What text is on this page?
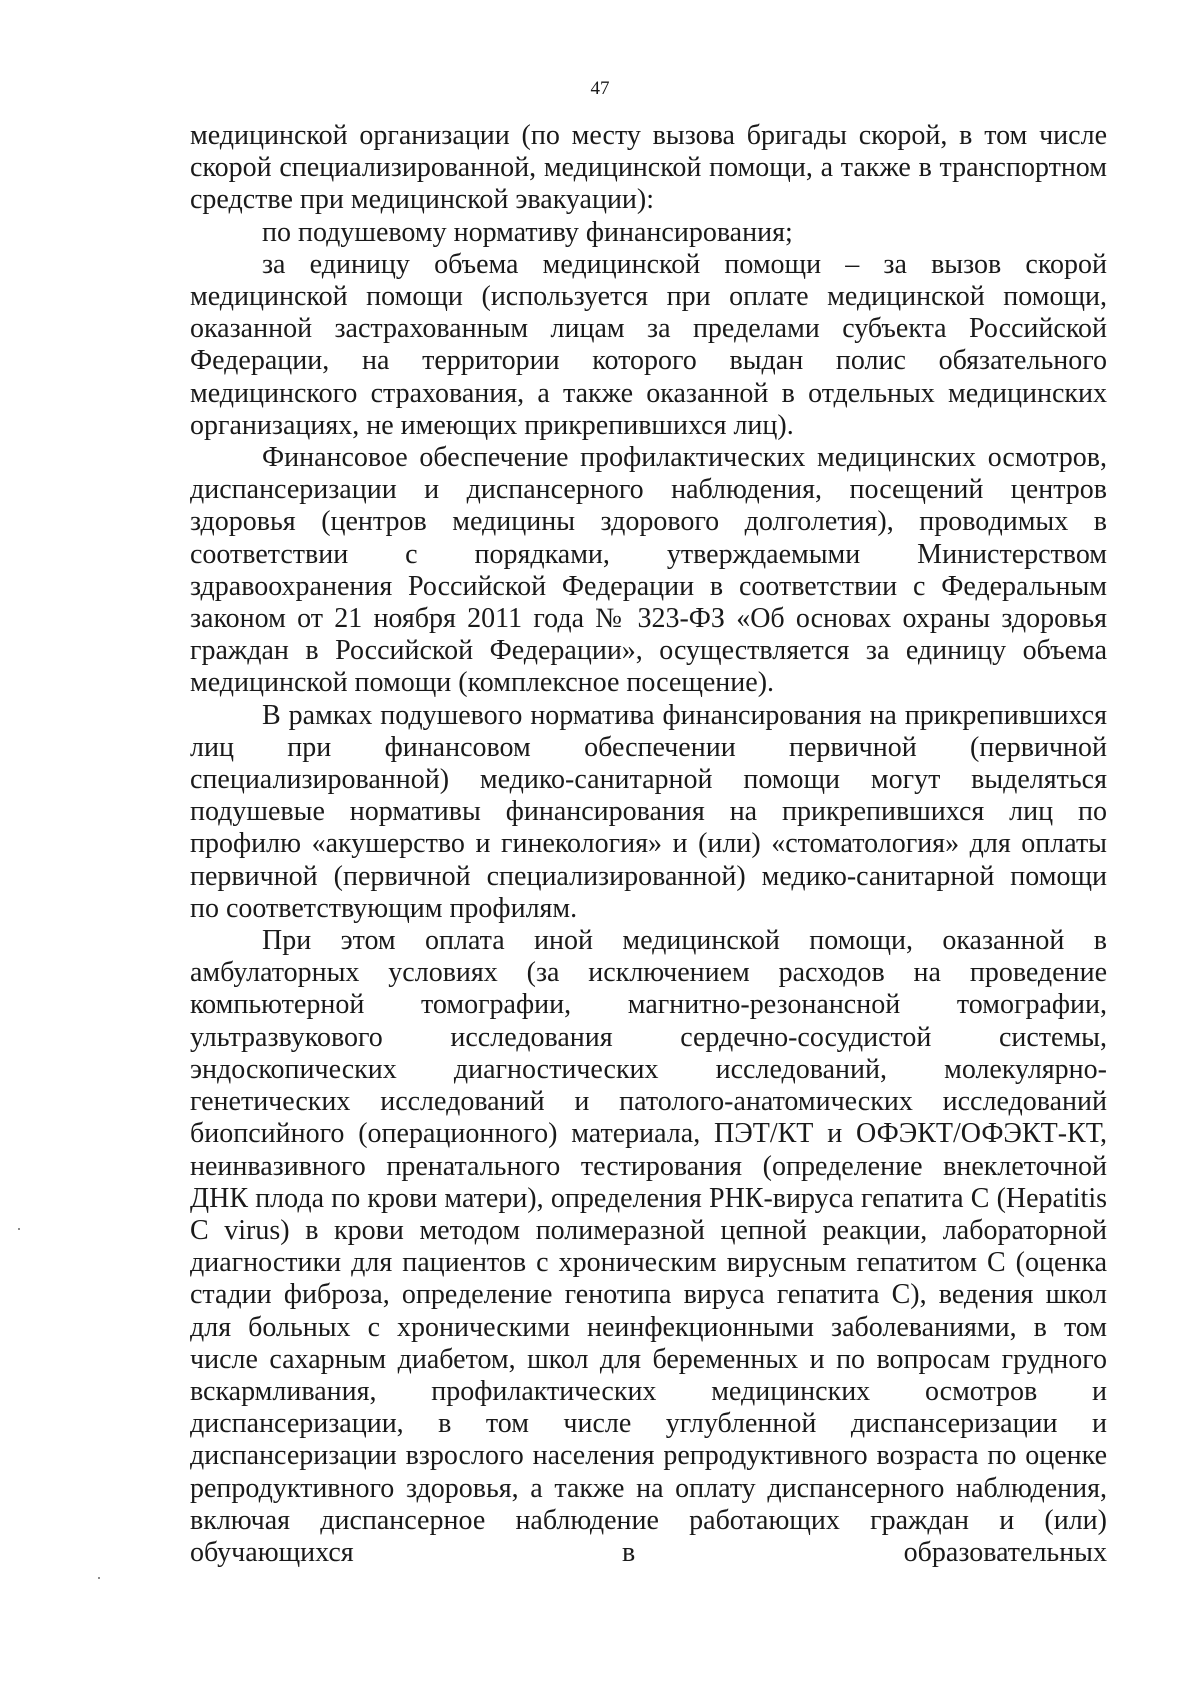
47

медицинской организации (по месту вызова бригады скорой, в том числе скорой специализированной, медицинской помощи, а также в транспортном средстве при медицинской эвакуации):

по подушевому нормативу финансирования;

за единицу объема медицинской помощи – за вызов скорой медицинской помощи (используется при оплате медицинской помощи, оказанной застрахованным лицам за пределами субъекта Российской Федерации, на территории которого выдан полис обязательного медицинского страхования, а также оказанной в отдельных медицинских организациях, не имеющих прикрепившихся лиц).

Финансовое обеспечение профилактических медицинских осмотров, диспансеризации и диспансерного наблюдения, посещений центров здоровья (центров медицины здорового долголетия), проводимых в соответствии с порядками, утверждаемыми Министерством здравоохранения Российской Федерации в соответствии с Федеральным законом от 21 ноября 2011 года № 323-ФЗ «Об основах охраны здоровья граждан в Российской Федерации», осуществляется за единицу объема медицинской помощи (комплексное посещение).

В рамках подушевого норматива финансирования на прикрепившихся лиц при финансовом обеспечении первичной (первичной специализированной) медико-санитарной помощи могут выделяться подушевые нормативы финансирования на прикрепившихся лиц по профилю «акушерство и гинекология» и (или) «стоматология» для оплаты первичной (первичной специализированной) медико-санитарной помощи по соответствующим профилям.

При этом оплата иной медицинской помощи, оказанной в амбулаторных условиях (за исключением расходов на проведение компьютерной томографии, магнитно-резонансной томографии, ультразвукового исследования сердечно-сосудистой системы, эндоскопических диагностических исследований, молекулярно-генетических исследований и патолого-анатомических исследований биопсийного (операционного) материала, ПЭТ/КТ и ОФЭКТ/ОФЭКТ-КТ, неинвазивного пренатального тестирования (определение внеклеточной ДНК плода по крови матери), определения РНК-вируса гепатита С (Hepatitis C virus) в крови методом полимеразной цепной реакции, лабораторной диагностики для пациентов с хроническим вирусным гепатитом С (оценка стадии фиброза, определение генотипа вируса гепатита С), ведения школ для больных с хроническими неинфекционными заболеваниями, в том числе сахарным диабетом, школ для беременных и по вопросам грудного вскармливания, профилактических медицинских осмотров и диспансеризации, в том числе углубленной диспансеризации и диспансеризации взрослого населения репродуктивного возраста по оценке репродуктивного здоровья, а также на оплату диспансерного наблюдения, включая диспансерное наблюдение работающих граждан и (или) обучающихся в образовательных
